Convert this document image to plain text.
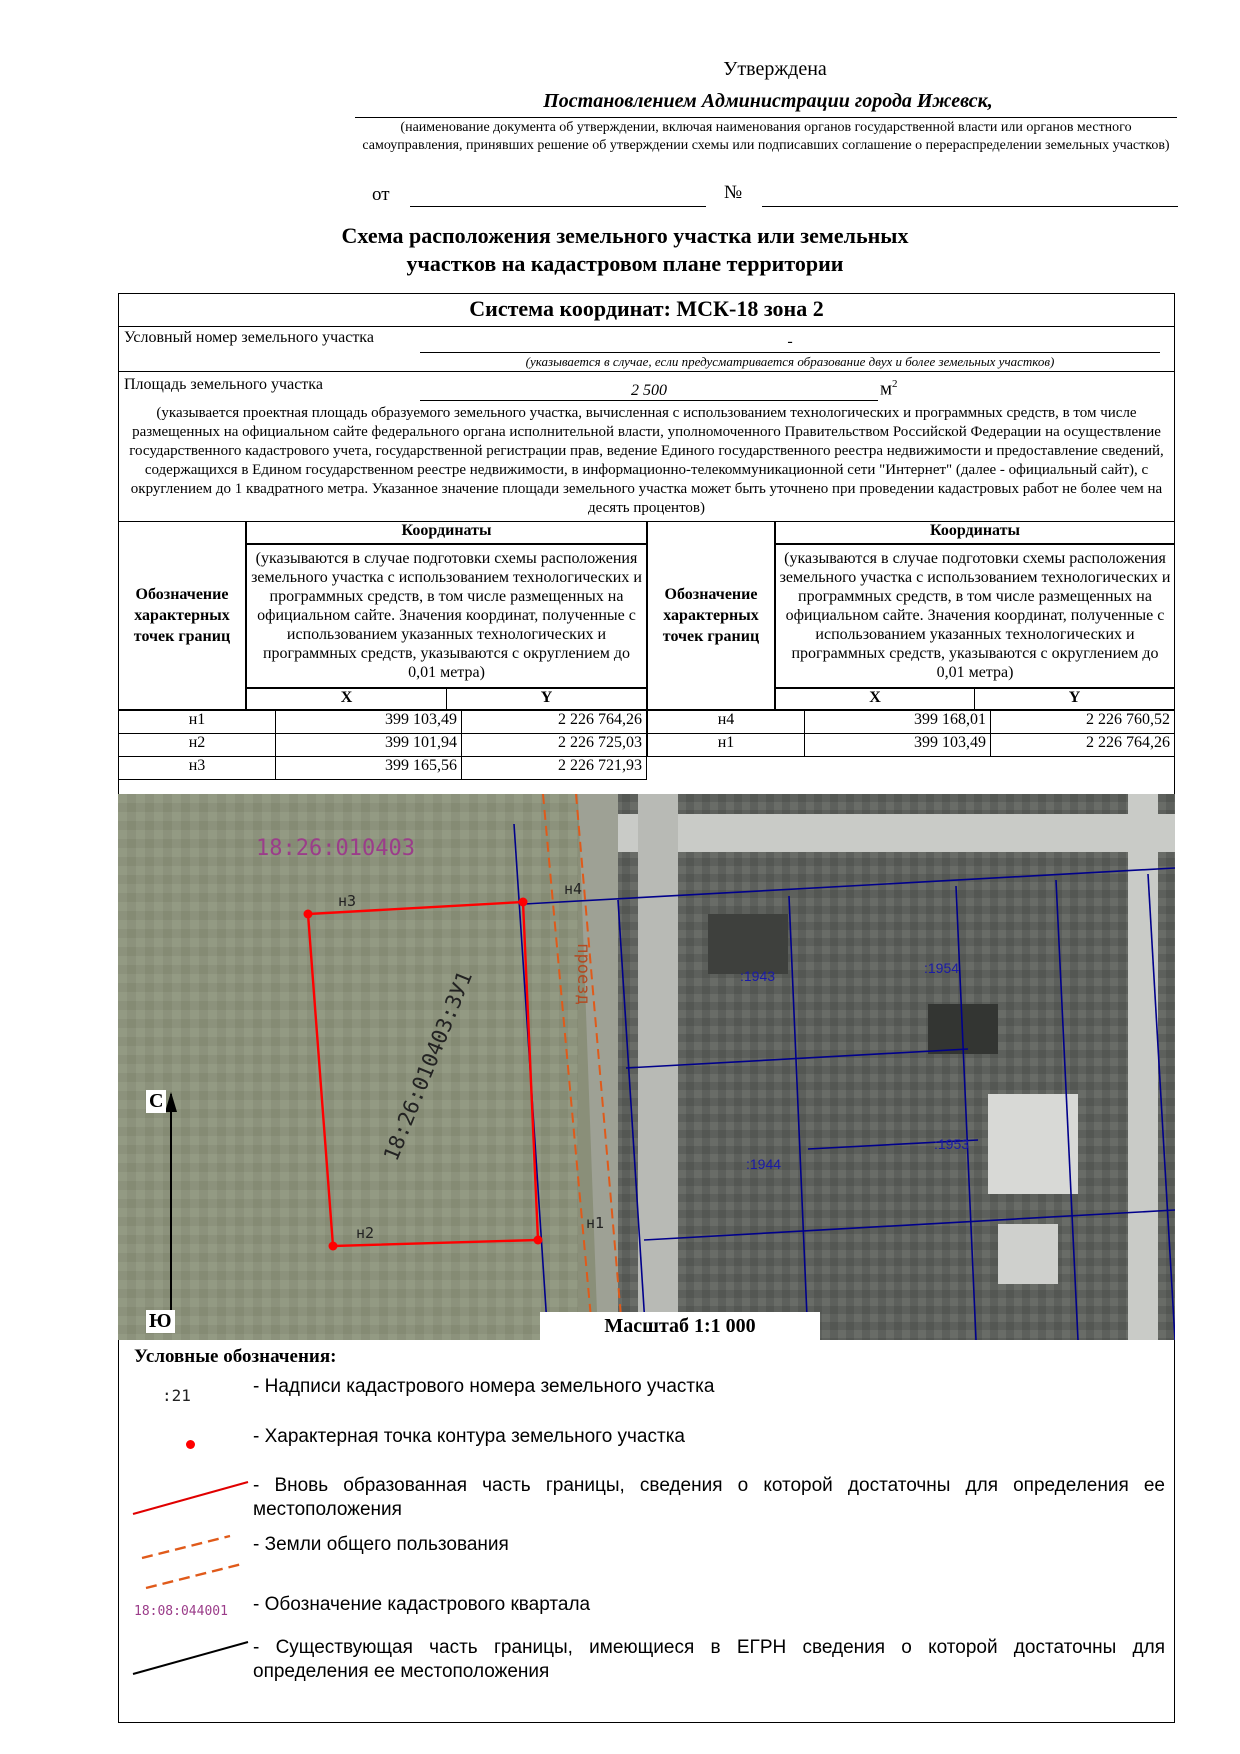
Утверждена
Постановлением Администрации города Ижевск,
(наименование документа об утверждении, включая наименования органов государственной власти или органов местного самоуправления, принявших решение об утверждении схемы или подписавших соглашение о перераспределении земельных участков)
от	№
Схема расположения земельного участка или земельных
участков на кадастровом плане территории
Система координат: МСК-18 зона 2
Условный номер земельного участка	-
(указывается в случае, если предусматривается образование двух и более земельных участков)
Площадь земельного участка	2 500	$м^2$
(указывается проектная площадь образуемого земельного участка, вычисленная с использованием технологических и программных средств, в том числе размещенных на официальном сайте федерального органа исполнительной власти, уполномоченного Правительством Российской Федерации на осуществление государственного кадастрового учета, государственной регистрации прав, ведение Единого государственного реестра недвижимости и предоставление сведений, содержащихся в Едином государственном реестре недвижимости, в информационно-телекоммуникационной сети "Интернет" (далее - официальный сайт), с округлением до 1 квадратного метра. Указанное значение площади земельного участка может быть уточнено при проведении кадастровых работ не более чем на десять процентов)
Обозначение характерных точек границ
Координаты
(указываются в случае подготовки схемы расположения земельного участка с использованием технологических и программных средств, в том числе размещенных на официальном сайте. Значения координат, полученные с использованием указанных технологических и программных средств, указываются с округлением до 0,01 метра)
X	Y
Обозначение характерных точек границ
Координаты
(указываются в случае подготовки схемы расположения земельного участка с использованием технологических и программных средств, в том числе размещенных на официальном сайте. Значения координат, полученные с использованием указанных технологических и программных средств, указываются с округлением до 0,01 метра)
X	Y
н1	399 103,49	2 226 764,26
н2	399 101,94	2 226 725,03
н3	399 165,56	2 226 721,93
н4	399 168,01	2 226 760,52
н1	399 103,49	2 226 764,26
18:26:010403
18:26:010403:ЗУ1	проезд	:1943	:1954
:1944
:1953
н1
н2
н3
н4
С
Ю	Масштаб 1:1 000
Условные обозначения:
:21	- Надписи кадастрового номера земельного участка
- Характерная точка контура земельного участка
- Вновь образованная часть границы, сведения о которой достаточны для определения ее местоположения
- Земли общего пользования
18:08:044001 - Обозначение кадастрового квартала
- Существующая часть границы, имеющиеся в ЕГРН сведения о которой достаточны для определения ее местоположения
